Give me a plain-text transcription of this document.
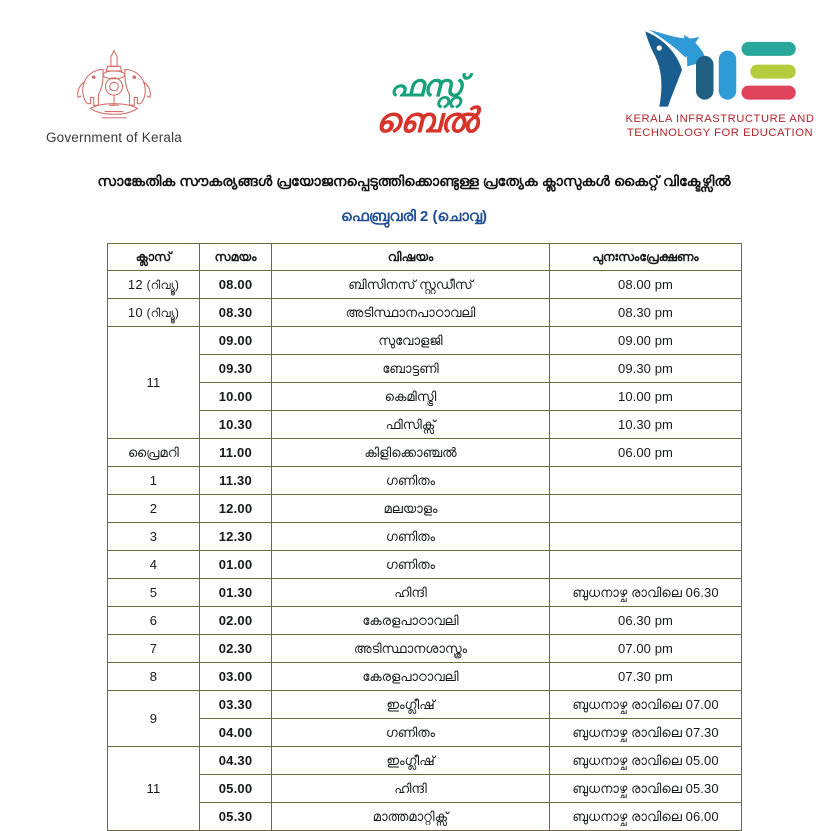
Government of Kerala
ഫസ്റ്റ്
ബെൽ	KERALA INFRASTRUCTURE AND
TECHNOLOGY FOR EDUCATION
സാങ്കേതിക സൗകര്യങ്ങൾ പ്രയോജനപ്പെടുത്തിക്കൊണ്ടുള്ള പ്രത്യേക ക്ലാസുകൾ കൈറ്റ് വിക്ടേഴ്സിൽ
ഫെബ്രുവരി 2 (ചൊവ്വ)
ക്ലാസ്	സമയം	വിഷയം	പുനഃസംപ്രേക്ഷണം
12 (റിവ്യൂ)	08.00	ബിസിനസ് സ്റ്റഡീസ്	08.00 pm
10 (റിവ്യൂ)	08.30	അടിസ്ഥാനപാഠാവലി	08.30 pm
11	09.00	സുവോളജി	09.00 pm
	09.30	ബോട്ടണി	09.30 pm
	10.00	കെമിസ്ട്രി	10.00 pm
	10.30	ഫിസിക്സ്	10.30 pm
പ്രൈമറി	11.00	കിളിക്കൊഞ്ചൽ	06.00 pm
1	11.30	ഗണിതം	
2	12.00	മലയാളം	
3	12.30	ഗണിതം	
4	01.00	ഗണിതം	
5	01.30	ഹിന്ദി	ബുധനാഴ്ച രാവിലെ 06.30
6	02.00	കേരളപാഠാവലി	06.30 pm
7	02.30	അടിസ്ഥാനശാസ്ത്രം	07.00 pm
8	03.00	കേരളപാഠാവലി	07.30 pm
9	03.30	ഇംഗ്ലീഷ്	ബുധനാഴ്ച രാവിലെ 07.00
	04.00	ഗണിതം	ബുധനാഴ്ച രാവിലെ 07.30
11	04.30	ഇംഗ്ലീഷ്	ബുധനാഴ്ച രാവിലെ 05.00
	05.00	ഹിന്ദി	ബുധനാഴ്ച രാവിലെ 05.30
	05.30	മാത്തമാറ്റിക്സ്	ബുധനാഴ്ച രാവിലെ 06.00
